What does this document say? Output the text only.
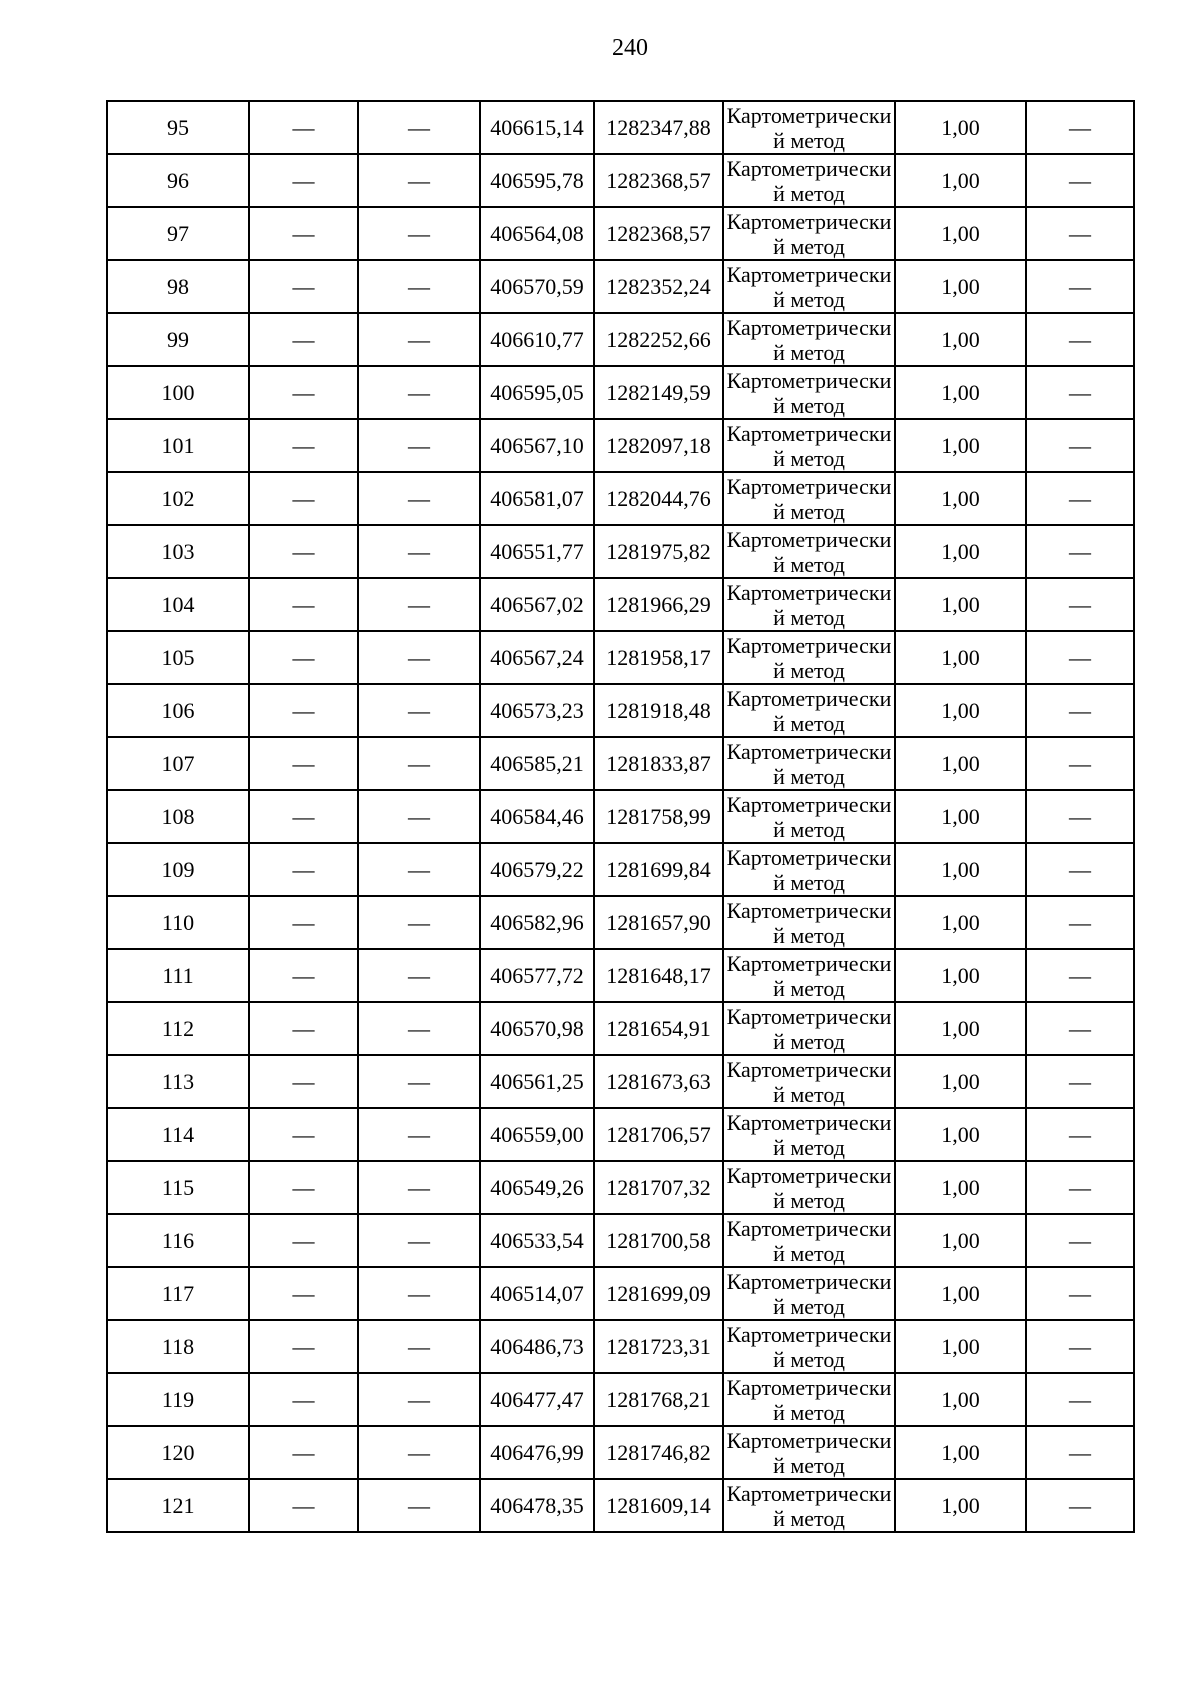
240
95	—	—	406615,14	1282347,88	Картометрический метод	1,00	—
96	—	—	406595,78	1282368,57	Картометрический метод	1,00	—
97	—	—	406564,08	1282368,57	Картометрический метод	1,00	—
98	—	—	406570,59	1282352,24	Картометрический метод	1,00	—
99	—	—	406610,77	1282252,66	Картометрический метод	1,00	—
100	—	—	406595,05	1282149,59	Картометрический метод	1,00	—
101	—	—	406567,10	1282097,18	Картометрический метод	1,00	—
102	—	—	406581,07	1282044,76	Картометрический метод	1,00	—
103	—	—	406551,77	1281975,82	Картометрический метод	1,00	—
104	—	—	406567,02	1281966,29	Картометрический метод	1,00	—
105	—	—	406567,24	1281958,17	Картометрический метод	1,00	—
106	—	—	406573,23	1281918,48	Картометрический метод	1,00	—
107	—	—	406585,21	1281833,87	Картометрический метод	1,00	—
108	—	—	406584,46	1281758,99	Картометрический метод	1,00	—
109	—	—	406579,22	1281699,84	Картометрический метод	1,00	—
110	—	—	406582,96	1281657,90	Картометрический метод	1,00	—
111	—	—	406577,72	1281648,17	Картометрический метод	1,00	—
112	—	—	406570,98	1281654,91	Картометрический метод	1,00	—
113	—	—	406561,25	1281673,63	Картометрический метод	1,00	—
114	—	—	406559,00	1281706,57	Картометрический метод	1,00	—
115	—	—	406549,26	1281707,32	Картометрический метод	1,00	—
116	—	—	406533,54	1281700,58	Картометрический метод	1,00	—
117	—	—	406514,07	1281699,09	Картометрический метод	1,00	—
118	—	—	406486,73	1281723,31	Картометрический метод	1,00	—
119	—	—	406477,47	1281768,21	Картометрический метод	1,00	—
120	—	—	406476,99	1281746,82	Картометрический метод	1,00	—
121	—	—	406478,35	1281609,14	Картометрический метод	1,00	—
